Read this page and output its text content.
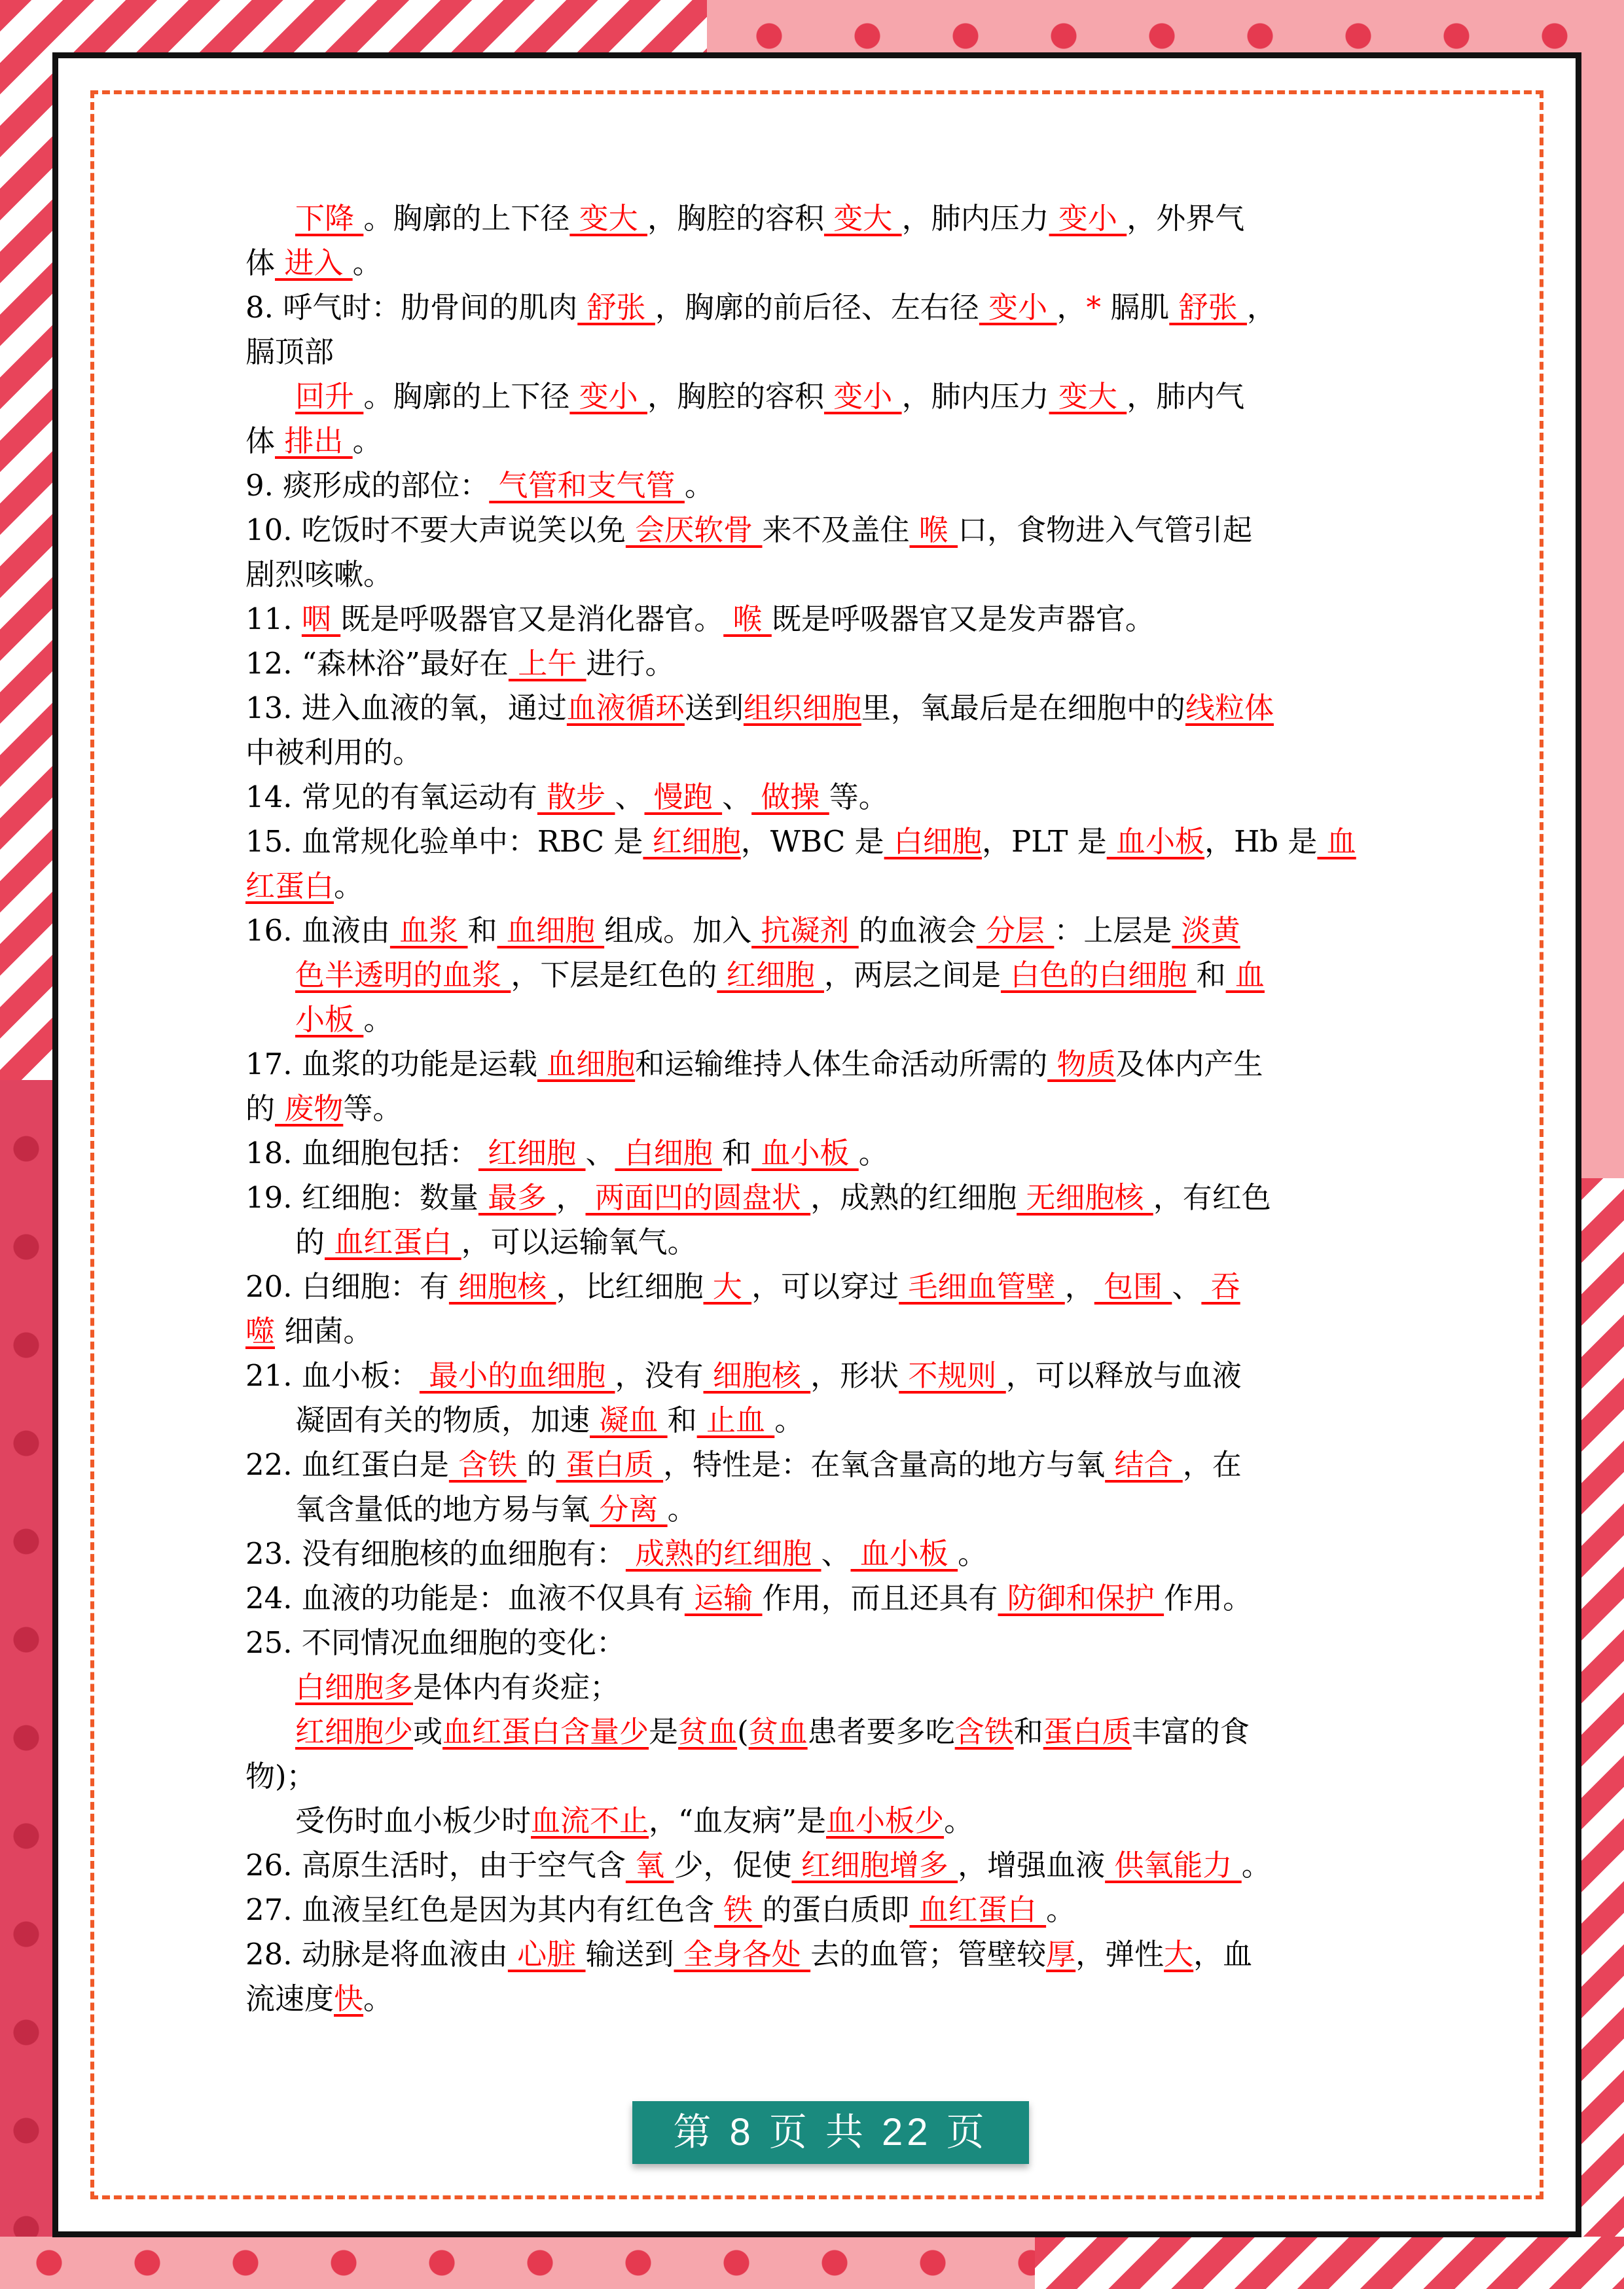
下降 。胸廓的上下径 变大 ，胸腔的容积 变大 ，肺内压力 变小 ，外界气
体 进入 。
8. 呼气时：肋骨间的肌肉 舒张 ，胸廓的前后径、左右径 变小 ，* 膈肌 舒张 ，
膈顶部
回升 。胸廓的上下径 变小 ，胸腔的容积 变小 ，肺内压力 变大 ，肺内气
体 排出 。
9. 痰形成的部位： 气管和支气管 。
10. 吃饭时不要大声说笑以免 会厌软骨 来不及盖住 喉 口，食物进入气管引起
剧烈咳嗽。
11. 咽 既是呼吸器官又是消化器官。 喉 既是呼吸器官又是发声器官。
12. “森林浴”最好在 上午 进行。
13. 进入血液的氧，通过血液循环送到组织细胞里，氧最后是在细胞中的线粒体
中被利用的。
14. 常见的有氧运动有 散步 、 慢跑 、 做操 等。
15. 血常规化验单中：RBC 是 红细胞，WBC 是 白细胞，PLT 是 血小板，Hb 是 血
红蛋白。
16. 血液由 血浆 和 血细胞 组成。加入 抗凝剂 的血液会 分层 ：上层是 淡黄
色半透明的血浆 ，下层是红色的 红细胞 ，两层之间是 白色的白细胞 和 血
小板 。
17. 血浆的功能是运载 血细胞和运输维持人体生命活动所需的 物质及体内产生
的 废物等。
18. 血细胞包括： 红细胞 、 白细胞 和 血小板 。
19. 红细胞：数量 最多 ， 两面凹的圆盘状 ，成熟的红细胞 无细胞核 ，有红色
的 血红蛋白 ，可以运输氧气。
20. 白细胞：有 细胞核 ，比红细胞 大 ，可以穿过 毛细血管壁 ， 包围 、 吞
噬 细菌。
21. 血小板： 最小的血细胞 ，没有 细胞核 ，形状 不规则 ，可以释放与血液
凝固有关的物质，加速 凝血 和 止血 。
22. 血红蛋白是 含铁 的 蛋白质 ，特性是：在氧含量高的地方与氧 结合 ，在
氧含量低的地方易与氧 分离 。
23. 没有细胞核的血细胞有： 成熟的红细胞 、 血小板 。
24. 血液的功能是：血液不仅具有 运输 作用，而且还具有 防御和保护 作用。
25. 不同情况血细胞的变化：
白细胞多是体内有炎症；
红细胞少或血红蛋白含量少是贫血(贫血患者要多吃含铁和蛋白质丰富的食
物)；
受伤时血小板少时血流不止，“血友病”是血小板少。
26. 高原生活时，由于空气含 氧 少，促使 红细胞增多 ，增强血液 供氧能力 。
27. 血液呈红色是因为其内有红色含 铁 的蛋白质即 血红蛋白 。
28. 动脉是将血液由 心脏 输送到 全身各处 去的血管；管壁较厚，弹性大，血
流速度快。
第 8 页 共 22 页
